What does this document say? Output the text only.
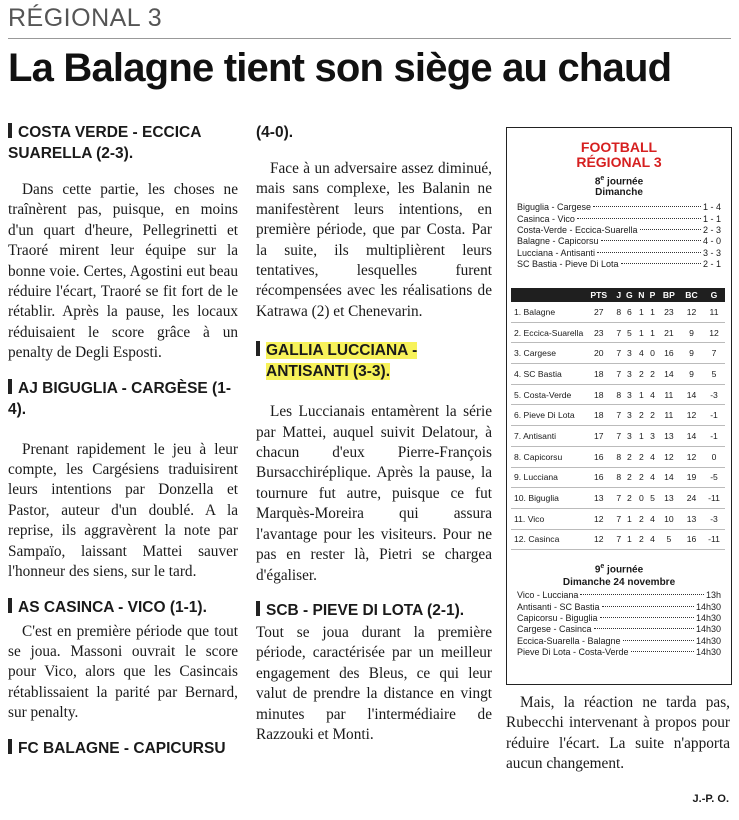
RÉGIONAL 3
La Balagne tient son siège au chaud
COSTA VERDE - ECCICA SUARELLA (2-3).

Dans cette partie, les choses ne traînèrent pas, puisque, en moins d'un quart d'heure, Pellegrinetti et Traoré mirent leur équipe sur la bonne voie. Certes, Agostini eut beau réduire l'écart, Traoré se fit fort de le rétablir. Après la pause, les locaux réduisaient le score grâce à un penalty de Degli Esposti.

AJ BIGUGLIA - CARGÈSE (1-4).

Prenant rapidement le jeu à leur compte, les Cargésiens traduisirent leurs intentions par Donzella et Pastor, auteur d'un doublé. A la reprise, ils aggravèrent la note par Sampaïo, laissant Mattei sauver l'honneur des siens, sur le tard.

AS CASINCA - VICO (1-1).

C'est en première période que tout se joua. Massoni ouvrait le score pour Vico, alors que les Casincais rétablissaient la parité par Bernard, sur penalty.

FC BALAGNE - CAPICURSU
(4-0).

Face à un adversaire assez diminué, mais sans complexe, les Balanin ne manifestèrent leurs intentions, en première période, que par Costa. Par la suite, ils multiplièrent leurs tentatives, lesquelles furent récompensées avec les réalisations de Katrawa (2) et Chenevarin.

GALLIA LUCCIANA -
ANTISANTI (3-3).

Les Luccianais entamèrent la série par Mattei, auquel suivit Delatour, à chacun d'eux Pierre-François Bursacchiréplique. Après la pause, la tournure fut autre, puisque ce fut Marquès-Moreira qui assura l'avantage pour les visiteurs. Pour ne pas en rester là, Pietri se chargea d'égaliser.

SCB - PIEVE DI LOTA (2-1).

Tout se joua durant la première période, caractérisée par un meilleur engagement des Bleus, ce qui leur valut de prendre la distance en vingt minutes par l'intermédiaire de Razzouki et Monti.

FOOTBALL
RÉGIONAL 3
8e journée
Dimanche
Biguglia - Cargese	1 - 4
Casinca - Vico	1 - 1
Costa-Verde - Eccica-Suarella	2 - 3
Balagne - Capicorsu	4 - 0
Lucciana - Antisanti	3 - 3
SC Bastia - Pieve Di Lota	2 - 1
	PTS	J	G	N	P	BP	BC	G
1. Balagne	27	8	6	1	1	23	12	11
2. Eccica-Suarella	23	7	5	1	1	21	9	12
3. Cargese	20	7	3	4	0	16	9	7
4. SC Bastia	18	7	3	2	2	14	9	5
5. Costa-Verde	18	8	3	1	4	11	14	-3
6. Pieve Di Lota	18	7	3	2	2	11	12	-1
7. Antisanti	17	7	3	1	3	13	14	-1
8. Capicorsu	16	8	2	2	4	12	12	0
9. Lucciana	16	8	2	2	4	14	19	-5
10. Biguglia	13	7	2	0	5	13	24	-11
11. Vico	12	7	1	2	4	10	13	-3
12. Casinca	12	7	1	2	4	5	16	-11
9e journée
Dimanche 24 novembre
Vico - Lucciana	13h
Antisanti - SC Bastia	14h30
Capicorsu - Biguglia	14h30
Cargese - Casinca	14h30
Eccica-Suarella - Balagne	14h30
Pieve Di Lota - Costa-Verde	14h30

Mais, la réaction ne tarda pas, Rubecchi intervenant à propos pour réduire l'écart. La suite n'apporta aucun changement.

J.-P. O.
